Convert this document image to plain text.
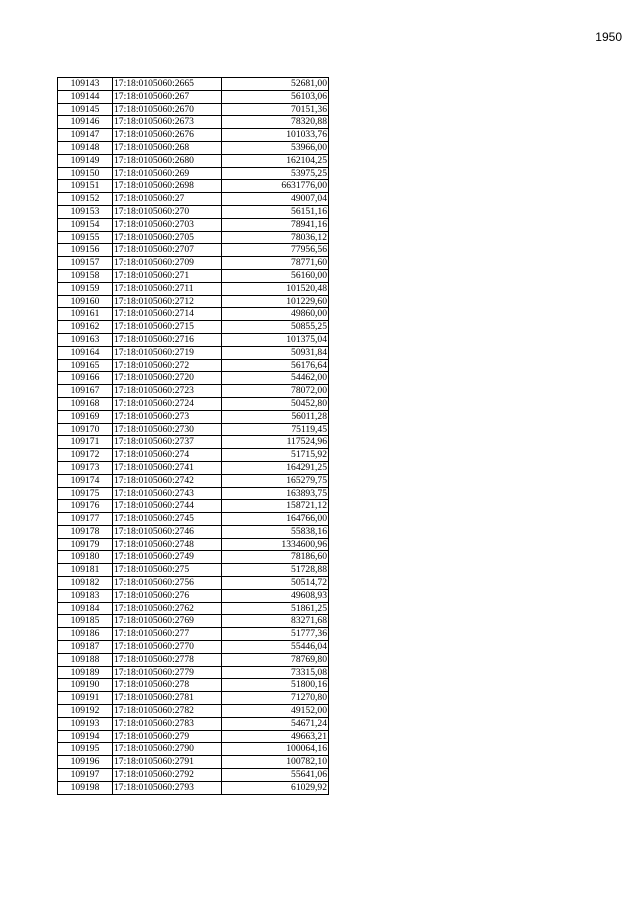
1950
109143	17:18:0105060:2665	52681,00
109144	17:18:0105060:267	56103,06
109145	17:18:0105060:2670	70151,36
109146	17:18:0105060:2673	78320,88
109147	17:18:0105060:2676	101033,76
109148	17:18:0105060:268	53966,00
109149	17:18:0105060:2680	162104,25
109150	17:18:0105060:269	53975,25
109151	17:18:0105060:2698	6631776,00
109152	17:18:0105060:27	49007,04
109153	17:18:0105060:270	56151,16
109154	17:18:0105060:2703	78941,16
109155	17:18:0105060:2705	78036,12
109156	17:18:0105060:2707	77956,56
109157	17:18:0105060:2709	78771,60
109158	17:18:0105060:271	56160,00
109159	17:18:0105060:2711	101520,48
109160	17:18:0105060:2712	101229,60
109161	17:18:0105060:2714	49860,00
109162	17:18:0105060:2715	50855,25
109163	17:18:0105060:2716	101375,04
109164	17:18:0105060:2719	50931,84
109165	17:18:0105060:272	56176,64
109166	17:18:0105060:2720	54462,00
109167	17:18:0105060:2723	78072,00
109168	17:18:0105060:2724	50452,80
109169	17:18:0105060:273	56011,28
109170	17:18:0105060:2730	75119,45
109171	17:18:0105060:2737	117524,96
109172	17:18:0105060:274	51715,92
109173	17:18:0105060:2741	164291,25
109174	17:18:0105060:2742	165279,75
109175	17:18:0105060:2743	163893,75
109176	17:18:0105060:2744	158721,12
109177	17:18:0105060:2745	164766,00
109178	17:18:0105060:2746	55838,16
109179	17:18:0105060:2748	1334600,96
109180	17:18:0105060:2749	78186,60
109181	17:18:0105060:275	51728,88
109182	17:18:0105060:2756	50514,72
109183	17:18:0105060:276	49608,93
109184	17:18:0105060:2762	51861,25
109185	17:18:0105060:2769	83271,68
109186	17:18:0105060:277	51777,36
109187	17:18:0105060:2770	55446,04
109188	17:18:0105060:2778	78769,80
109189	17:18:0105060:2779	73315,08
109190	17:18:0105060:278	51800,16
109191	17:18:0105060:2781	71270,80
109192	17:18:0105060:2782	49152,00
109193	17:18:0105060:2783	54671,24
109194	17:18:0105060:279	49663,21
109195	17:18:0105060:2790	100064,16
109196	17:18:0105060:2791	100782,10
109197	17:18:0105060:2792	55641,06
109198	17:18:0105060:2793	61029,92
